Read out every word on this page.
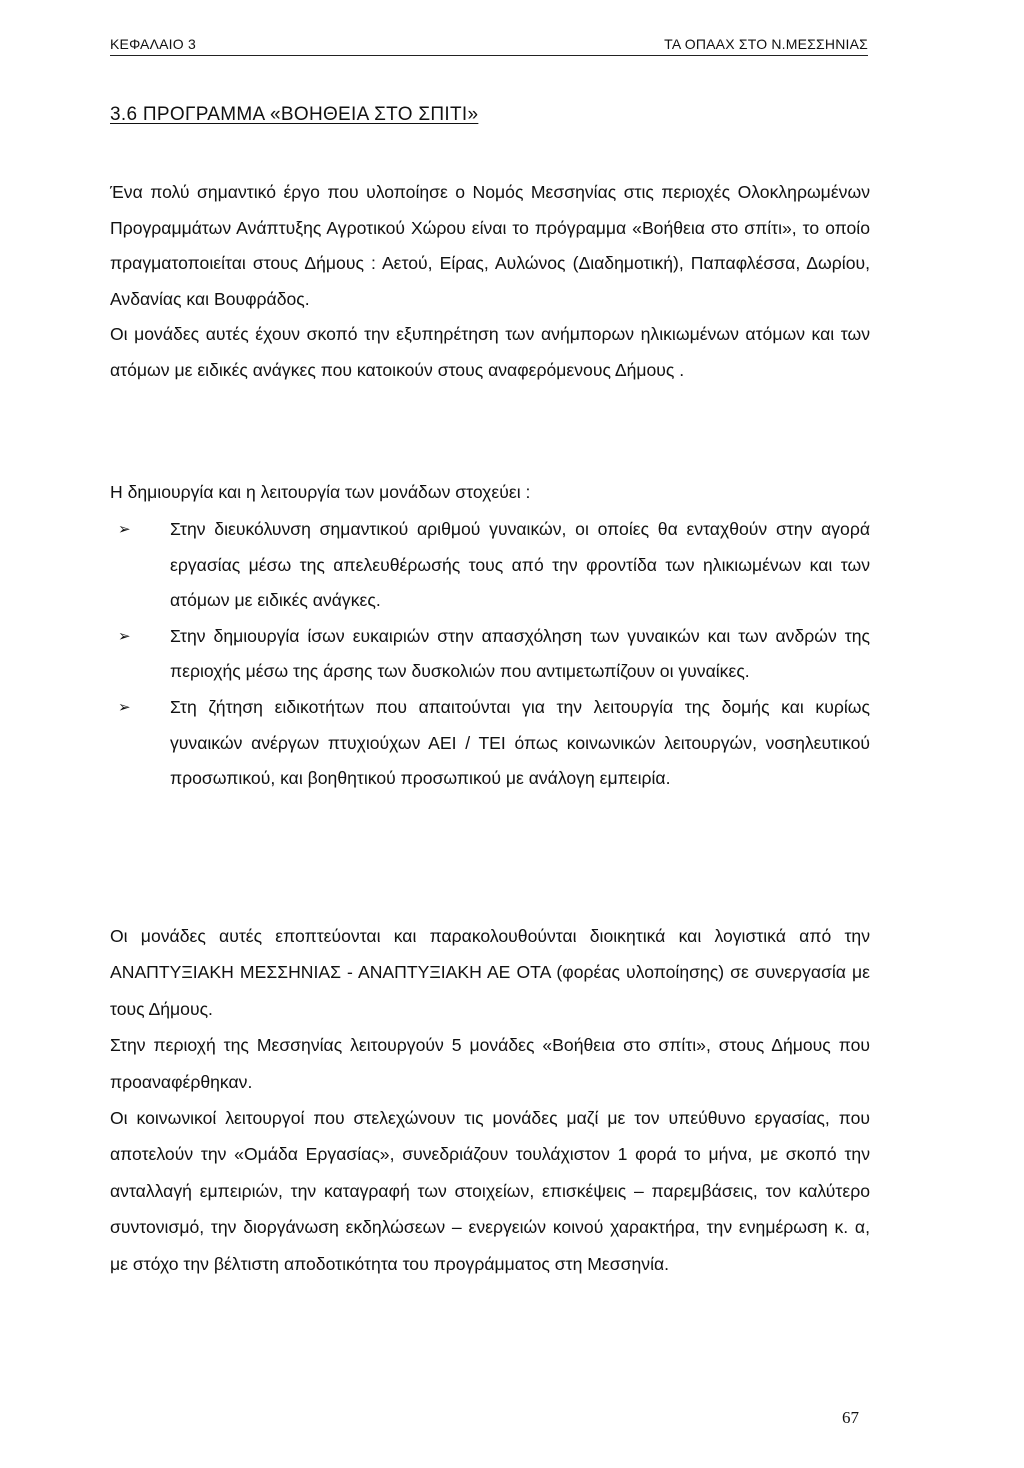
ΚΕΦΑΛΑΙΟ 3	ΤΑ ΟΠΑΑΧ ΣΤΟ Ν.ΜΕΣΣΗΝΙΑΣ
3.6 ΠΡΟΓΡΑΜΜΑ «ΒΟΗΘΕΙΑ ΣΤΟ ΣΠΙΤΙ»

Ένα πολύ σημαντικό έργο που υλοποίησε ο Νομός Μεσσηνίας στις περιοχές Ολοκληρωμένων Προγραμμάτων Ανάπτυξης Αγροτικού Χώρου είναι το πρόγραμμα «Βοήθεια στο σπίτι», το οποίο πραγματοποιείται στους Δήμους : Αετού, Είρας, Αυλώνος (Διαδημοτική), Παπαφλέσσα, Δωρίου, Ανδανίας και Βουφράδος.

Οι μονάδες αυτές έχουν σκοπό την εξυπηρέτηση των ανήμπορων ηλικιωμένων ατόμων και των ατόμων με ειδικές ανάγκες που κατοικούν στους αναφερόμενους Δήμους .

Η δημιουργία και η λειτουργία των μονάδων στοχεύει :

➢ Στην διευκόλυνση σημαντικού αριθμού γυναικών, οι οποίες θα ενταχθούν στην αγορά εργασίας μέσω της απελευθέρωσής τους από την φροντίδα των ηλικιωμένων και των ατόμων με ειδικές ανάγκες.
➢ Στην δημιουργία ίσων ευκαιριών στην απασχόληση των γυναικών και των ανδρών της περιοχής μέσω της άρσης των δυσκολιών που αντιμετωπίζουν οι γυναίκες.
➢ Στη ζήτηση ειδικοτήτων που απαιτούνται για την λειτουργία της δομής και κυρίως γυναικών ανέργων πτυχιούχων ΑΕΙ / ΤΕΙ όπως κοινωνικών λειτουργών, νοσηλευτικού προσωπικού, και βοηθητικού προσωπικού με ανάλογη εμπειρία.

Οι μονάδες αυτές εποπτεύονται και παρακολουθούνται διοικητικά και λογιστικά από την ΑΝΑΠΤΥΞΙΑΚΗ ΜΕΣΣΗΝΙΑΣ - ΑΝΑΠΤΥΞΙΑΚΗ ΑΕ ΟΤΑ (φορέας υλοποίησης) σε συνεργασία με τους Δήμους.

Στην περιοχή της Μεσσηνίας λειτουργούν 5 μονάδες «Βοήθεια στο σπίτι», στους Δήμους που προαναφέρθηκαν.

Οι κοινωνικοί λειτουργοί που στελεχώνουν τις μονάδες μαζί με τον υπεύθυνο εργασίας, που αποτελούν την «Ομάδα Εργασίας», συνεδριάζουν τουλάχιστον 1 φορά το μήνα, με σκοπό την ανταλλαγή εμπειριών, την καταγραφή των στοιχείων, επισκέψεις – παρεμβάσεις, τον καλύτερο συντονισμό, την διοργάνωση εκδηλώσεων – ενεργειών κοινού χαρακτήρα, την ενημέρωση κ. α, με στόχο την βέλτιστη αποδοτικότητα του προγράμματος στη Μεσσηνία.

67
